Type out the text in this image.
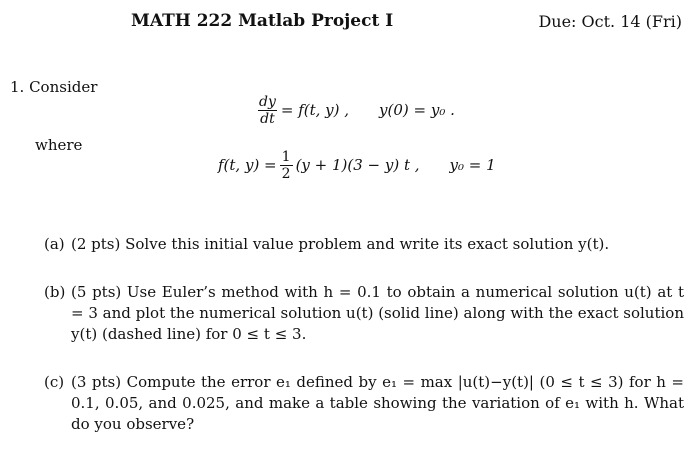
MATH 222 Matlab Project I	Due: Oct. 14 (Fri)
1. Consider
$\frac{dy}{dt} = f(t$, y) , y(0) = y₀ .
where
f(t, $y) = \frac{1}{2} (y + 1)(3 - y)$ t , y₀ = 1
(a) (2 pts) Solve this initial value problem and write its exact solution y(t).
(b) (5 pts) Use Euler’s method with h = 0.1 to obtain a numerical solution u(t) at t = 3 and plot the numerical solution u(t) (solid line) along with the exact solution y(t) (dashed line) for 0 ≤ t ≤ 3.
(c) (3 pts) Compute the error e₁ defined by e₁ = max |u(t)−y(t)| (0 ≤ t ≤ 3) for h = 0.1, 0.05, and 0.025, and make a table showing the variation of e₁ with h. What do you observe?
